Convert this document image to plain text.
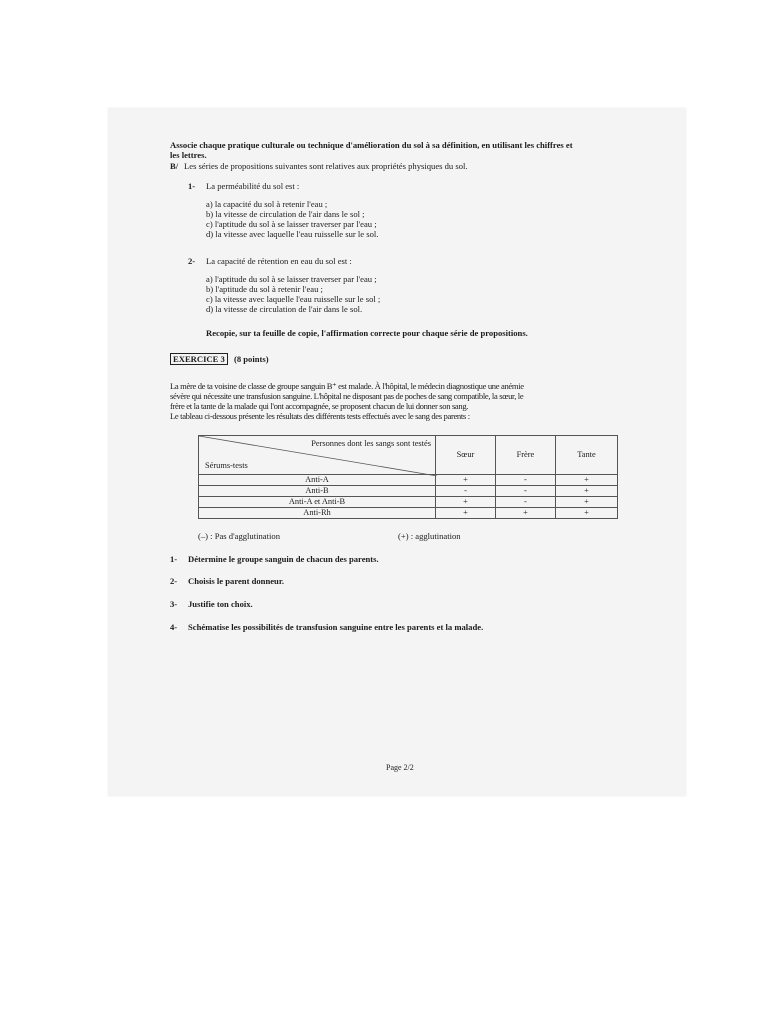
Associe chaque pratique culturale ou technique d'amélioration du sol à sa définition, en utilisant les chiffres et
les lettres.
B/ Les séries de propositions suivantes sont relatives aux propriétés physiques du sol.
1- La perméabilité du sol est :
a) la capacité du sol à retenir l'eau ;
b) la vitesse de circulation de l'air dans le sol ;
c) l'aptitude du sol à se laisser traverser par l'eau ;
d) la vitesse avec laquelle l'eau ruisselle sur le sol.
2- La capacité de rétention en eau du sol est :
a) l'aptitude du sol à se laisser traverser par l'eau ;
b) l'aptitude du sol à retenir l'eau ;
c) la vitesse avec laquelle l'eau ruisselle sur le sol ;
d) la vitesse de circulation de l'air dans le sol.
Recopie, sur ta feuille de copie, l'affirmation correcte pour chaque série de propositions.
EXERCICE 3 (8 points)
La mère de ta voisine de classe de groupe sanguin B⁺ est malade. À l'hôpital, le médecin diagnostique une anémie
sévère qui nécessite une transfusion sanguine. L'hôpital ne disposant pas de poches de sang compatible, la sœur, le
frère et la tante de la malade qui l'ont accompagnée, se proposent chacun de lui donner son sang.
Le tableau ci-dessous présente les résultats des différents tests effectués avec le sang des parents :
Personnes dont les sangs sont testés
Sérums-tests	Sœur	Frère	Tante
Anti-A	+	-	+
Anti-B	-	-	+
Anti-A et Anti-B	+	-	+
Anti-Rh	+	+	+
(–) : Pas d'agglutination	(+) : agglutination
1- Détermine le groupe sanguin de chacun des parents.
2- Choisis le parent donneur.
3- Justifie ton choix.
4- Schématise les possibilités de transfusion sanguine entre les parents et la malade.
Page 2/2
